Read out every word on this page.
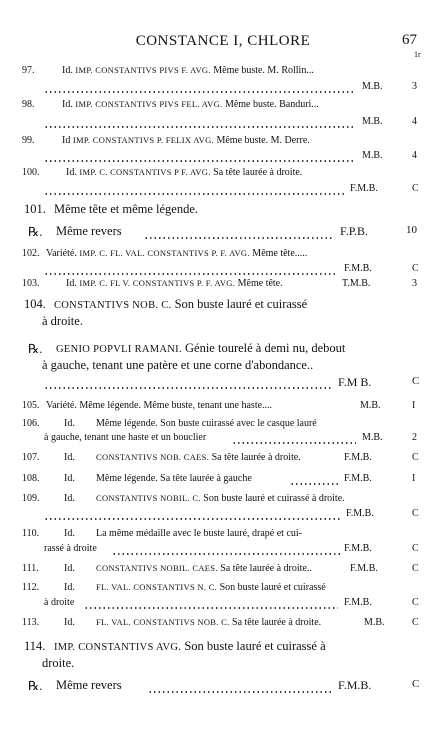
CONSTANCE I, CHLORE	67
1r
97.	Id. IMP. CONSTANTIVS PIVS F. AVG. Même buste. M. Rollin...
M.B.	3
98.	Id. IMP. CONSTANTIVS PIVS FEL. AVG. Même buste. Banduri...
M.B.	4
99.	Id IMP. CONSTANTIVS P. FELIX AVG. Même buste. M. Derre.
M.B.	4
100.	Id. IMP. C. CONSTANTIVS P F. AVG. Sa tête laurée à droite.
F.M.B.	C
101. Même tête et même légende.
℞. Même revers	F.P.B.	10
102. Variété. IMP. C. FL. VAL. CONSTANTIVS P. F. AVG. Même tête.....
F.M.B.	C
103.	Id. IMP. C. FL V. CONSTANTIVS P. F. AVG. Même tête.	T.M.B.	3
104. CONSTANTIVS NOB. C. Son buste lauré et cuirassé
à droite.
℞. GENIO POPVLI RAMANI. Génie tourelé à demi nu, debout
à gauche, tenant une patère et une corne d'abondance..
F.M B.	C
105. Variété. Même légende. Même buste, tenant une haste....	M.B.	I
106. Id. Même légende. Son buste cuirassé avec le casque lauré
à gauche, tenant une haste et un bouclier	M.B.	2
107. Id. CONSTANTIVS NOB. CAES. Sa tête laurée à droite.	F.M.B.	C
108. Id. Même légende. Sa tête laurée à gauche	F.M.B.	I
109. Id. CONSTANTIVS NOBIL. C. Son buste lauré et cuirassé à droite.
F.M.B.	C
110. Id. La même médaille avec le buste lauré, drapé et cui-
rassé à droite	F.M.B.	C
111.	Id. CONSTANTIVS NOBIL. CAES. Sa tête laurée à droite..	F.M.B.	C
112. Id. FL. VAL. CONSTANTIVS N. C. Son buste lauré et cuirassé
à droite	F.M.B.	C
113. Id. FL. VAL. CONSTANTIVS NOB. C. Sa tête laurée à droite.	M.B.	C
114. IMP. CONSTANTIVS AVG. Son buste lauré et cuirassé à
droite.
℞. Même revers	F.M.B.	C
